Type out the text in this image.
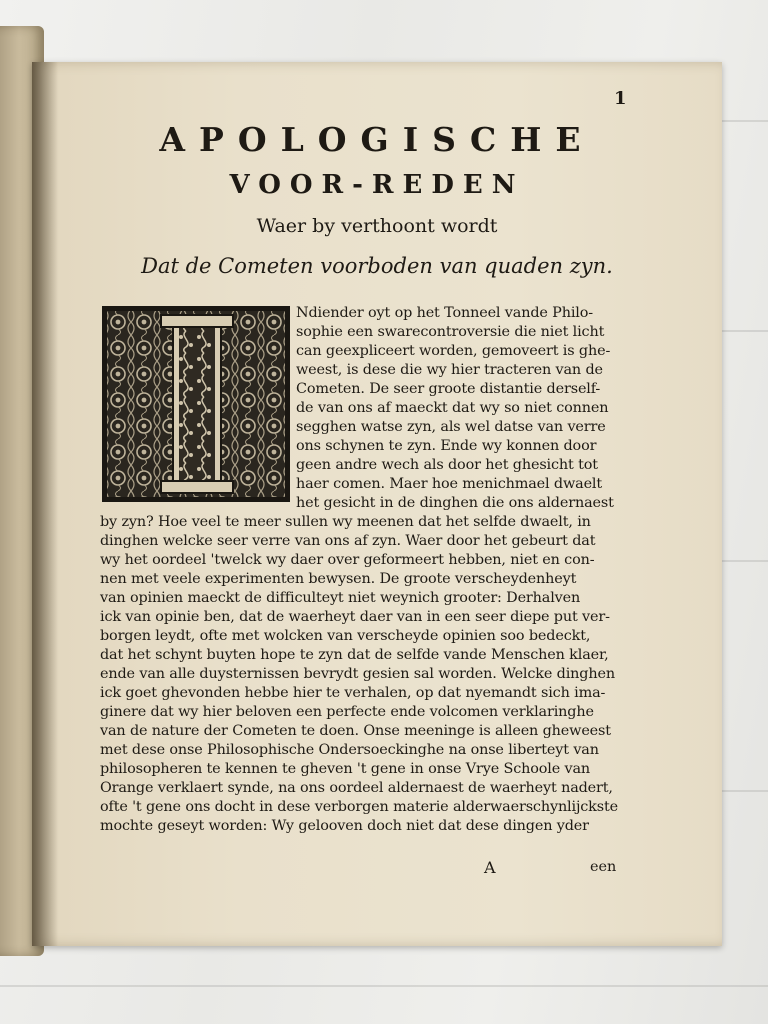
1
APOLOGISCHE
VOOR-REDEN
Waer by verthoont wordt
Dat de Cometen voorboden van quaden zyn.
Ndiender oyt op het Tonneel vande Philo-
sophie een swarecontroversie die niet licht
can geexpliceert worden, gemoveert is ghe-
weest, is dese die wy hier tracteren van de
Cometen. De seer groote distantie derself-
de van ons af maeckt dat wy so niet connen
segghen watse zyn, als wel datse van verre
ons schynen te zyn. Ende wy konnen door
geen andre wech als door het ghesicht tot
haer comen. Maer hoe menichmael dwaelt
het gesicht in de dinghen die ons aldernaest
by zyn? Hoe veel te meer sullen wy meenen dat het selfde dwaelt, in
dinghen welcke seer verre van ons af zyn. Waer door het gebeurt dat
wy het oordeel 'twelck wy daer over geformeert hebben, niet en con-
nen met veele experimenten bewysen. De groote verscheydenheyt
van opinien maeckt de difficulteyt niet weynich grooter: Derhalven
ick van opinie ben, dat de waerheyt daer van in een seer diepe put ver-
borgen leydt, ofte met wolcken van verscheyde opinien soo bedeckt,
dat het schynt buyten hope te zyn dat de selfde vande Menschen klaer,
ende van alle duysternissen bevrydt gesien sal worden. Welcke dinghen
ick goet ghevonden hebbe hier te verhalen, op dat nyemandt sich ima-
ginere dat wy hier beloven een perfecte ende volcomen verklaringhe
van de nature der Cometen te doen. Onse meeninge is alleen gheweest
met dese onse Philosophische Ondersoeckinghe na onse liberteyt van
philosopheren te kennen te gheven 't gene in onse Vrye Schoole van
Orange verklaert synde, na ons oordeel aldernaest de waerheyt nadert,
ofte 't gene ons docht in dese verborgen materie alderwaerschynlijckste
mochte geseyt worden: Wy gelooven doch niet dat dese dingen yder
A	een
